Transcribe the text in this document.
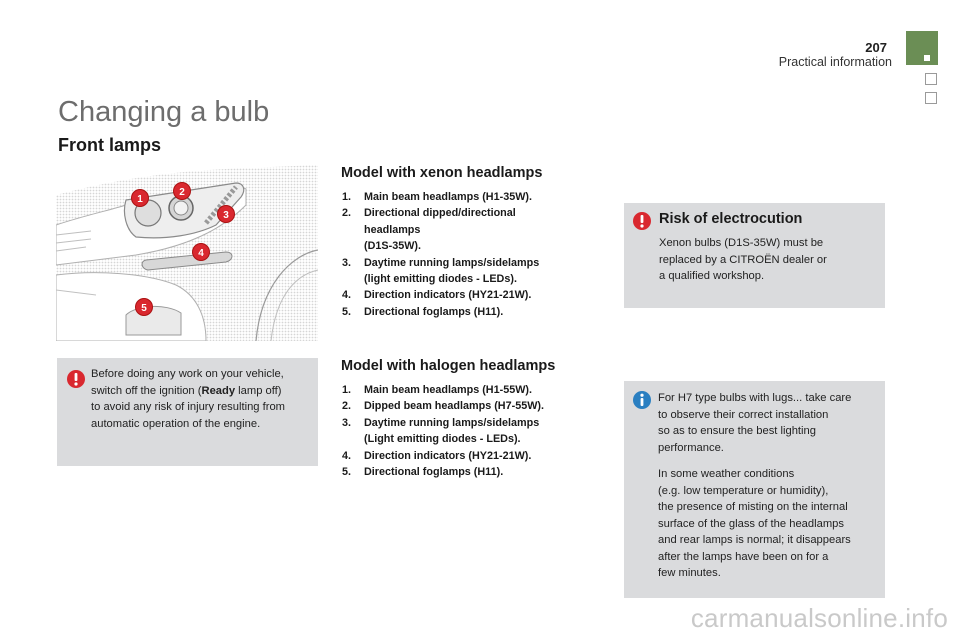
207
Practical information
Changing a bulb
Front lamps
1
2
3
4
5

Before doing any work on your vehicle,

switch off the ignition (Ready lamp off)

to avoid any risk of injury resulting from

automatic operation of the engine.

Model with xenon headlamps
1. Main beam headlamps (H1-35W).
2. Directional dipped/directional
headlamps
(D1S-35W).
3. Daytime running lamps/sidelamps
(light emitting diodes - LEDs).
4. Direction indicators (HY21-21W).
5. Directional foglamps (H11).
Model with halogen headlamps
1. Main beam headlamps (H1-55W).
2. Dipped beam headlamps (H7-55W).
3. Daytime running lamps/sidelamps
(Light emitting diodes - LEDs).
4. Direction indicators (HY21-21W).
5. Directional foglamps (H11).
Risk of electrocution

Xenon bulbs (D1S-35W) must be

replaced by a CITROËN dealer or

a qualified workshop.

For H7 type bulbs with lugs... take care

to observe their correct installation

so as to ensure the best lighting

performance.

In some weather conditions

(e.g. low temperature or humidity),

the presence of misting on the internal

surface of the glass of the headlamps

and rear lamps is normal; it disappears

after the lamps have been on for a

few minutes.

carmanualsonline.info
